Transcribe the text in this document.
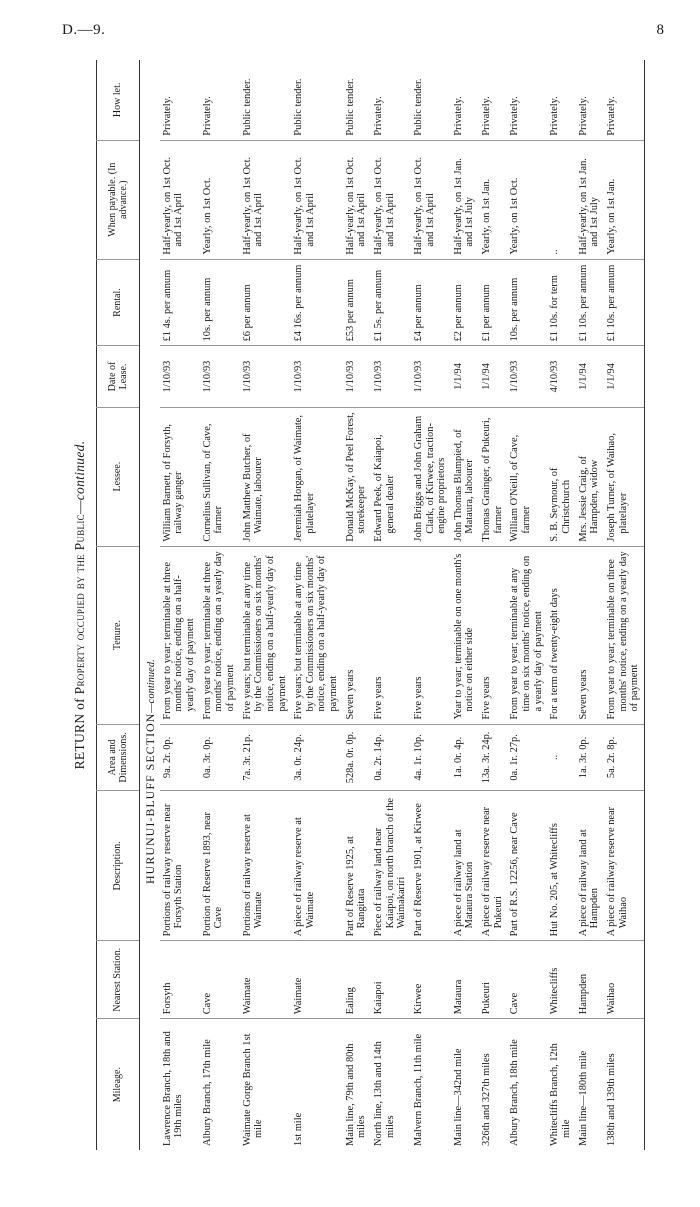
D.—9.	8
RETURN of Property occupied by the Public—continued.
Mileage.	Nearest Station.	Description.	Area and Dimensions.	Tenure.	Lessee.	Date of Lease.	Rental.	When payable. (In advance.)	How let.
HURUNUI-BLUFF SECTION—continued.									
Lawrence Branch, 18th and 19th miles	Forsyth	Portions of railway reserve near Forsyth Station	9a. 2r. 0p.	From year to year; terminable at three months' notice, ending on a half-yearly day of payment	William Barnett, of Forsyth, railway ganger	1/10/93	£1 4s. per annum	Half-yearly, on 1st Oct. and 1st April	Privately.
Albury Branch, 17th mile	Cave	Portion of Reserve 1893, near Cave	0a. 3r. 0p.	From year to year; terminable at three months' notice, ending on a yearly day of payment	Cornelius Sullivan, of Cave, farmer	1/10/93	10s. per annum	Yearly, on 1st Oct.	Privately.
Waimate Gorge Branch 1st mile	Waimate	Portions of railway reserve at Waimate	7a. 3r. 21p.	Five years; but terminable at any time by the Commissioners on six months' notice, ending on a half-yearly day of payment	John Matthew Butcher, of Waimate, labourer	1/10/93	£6 per annum	Half-yearly, on 1st Oct. and 1st April	Public tender.
1st mile	Waimate	A piece of railway reserve at Waimate	3a. 0r. 24p.	Five years; but terminable at any time by the Commissioners on six months' notice, ending on a half-yearly day of payment	Jeremiah Horgan, of Waimate, platelayer	1/10/93	£4 16s. per annum	Half-yearly, on 1st Oct. and 1st April	Public tender.
Main line, 79th and 80th miles	Ealing	Part of Reserve 1925, at Rangitata	528a. 0r. 0p.	Seven years	Donald McKay, of Peel Forest, storekeeper	1/10/93	£53 per annum	Half-yearly, on 1st Oct. and 1st April	Public tender.
North line, 13th and 14th miles	Kaiapoi	Piece of railway land near Kaiapoi, on north branch of the Waimakariri	0a. 2r. 14p.	Five years	Edward Peek, of Kaiapoi, general dealer	1/10/93	£1 5s. per annum	Half-yearly, on 1st Oct. and 1st April	Privately.
Malvern Branch, 11th mile	Kirwee	Part of Reserve 1901, at Kirwee	4a. 1r. 10p.	Five years	John Briggs and John Graham Clark, of Kirwee, traction-engine proprietors	1/10/93	£4 per annum	Half-yearly, on 1st Oct. and 1st April	Public tender.
Main line—342nd mile	Mataura	A piece of railway land at Mataura Station	1a. 0r. 4p.	Year to year; terminable on one month's notice on either side	John Thomas Blampied, of Mataura, labourer	1/1/94	£2 per annum	Half-yearly, on 1st Jan. and 1st July	Privately.
326th and 327th miles	Pukeuri	A piece of railway reserve near Pukeuri	13a. 3r. 24p.	Five years	Thomas Grainger, of Pukeuri, farmer	1/1/94	£1 per annum	Yearly, on 1st Jan.	Privately.
Albury Branch, 18th mile	Cave	Part of R.S. 12256, near Cave	0a. 1r. 27p.	From year to year; terminable at any time on six months' notice, ending on a yearly day of payment	William O'Neill, of Cave, farmer	1/10/93	10s. per annum	Yearly, on 1st Oct.	Privately.
Whitecliffs Branch, 12th mile	Whitecliffs	Hut No. 205, at Whitecliffs	..	For a term of twenty-eight days	S. B. Seymour, of Christchurch	4/10/93	£1 10s. for term	..	Privately.
Main line—180th mile	Hampden	A piece of railway land at Hampden	1a. 3r. 0p.	Seven years	Mrs. Jessie Craig, of Hampden, widow	1/1/94	£1 10s. per annum	Half-yearly, on 1st Jan. and 1st July	Privately.
138th and 139th miles	Waihao	A piece of railway reserve near Waihao	5a. 2r. 8p.	From year to year; terminable on three months' notice, ending on a yearly day of payment	Joseph Turner, of Waihao, platelayer	1/1/94	£1 10s. per annum	Yearly, on 1st Jan.	Privately.
